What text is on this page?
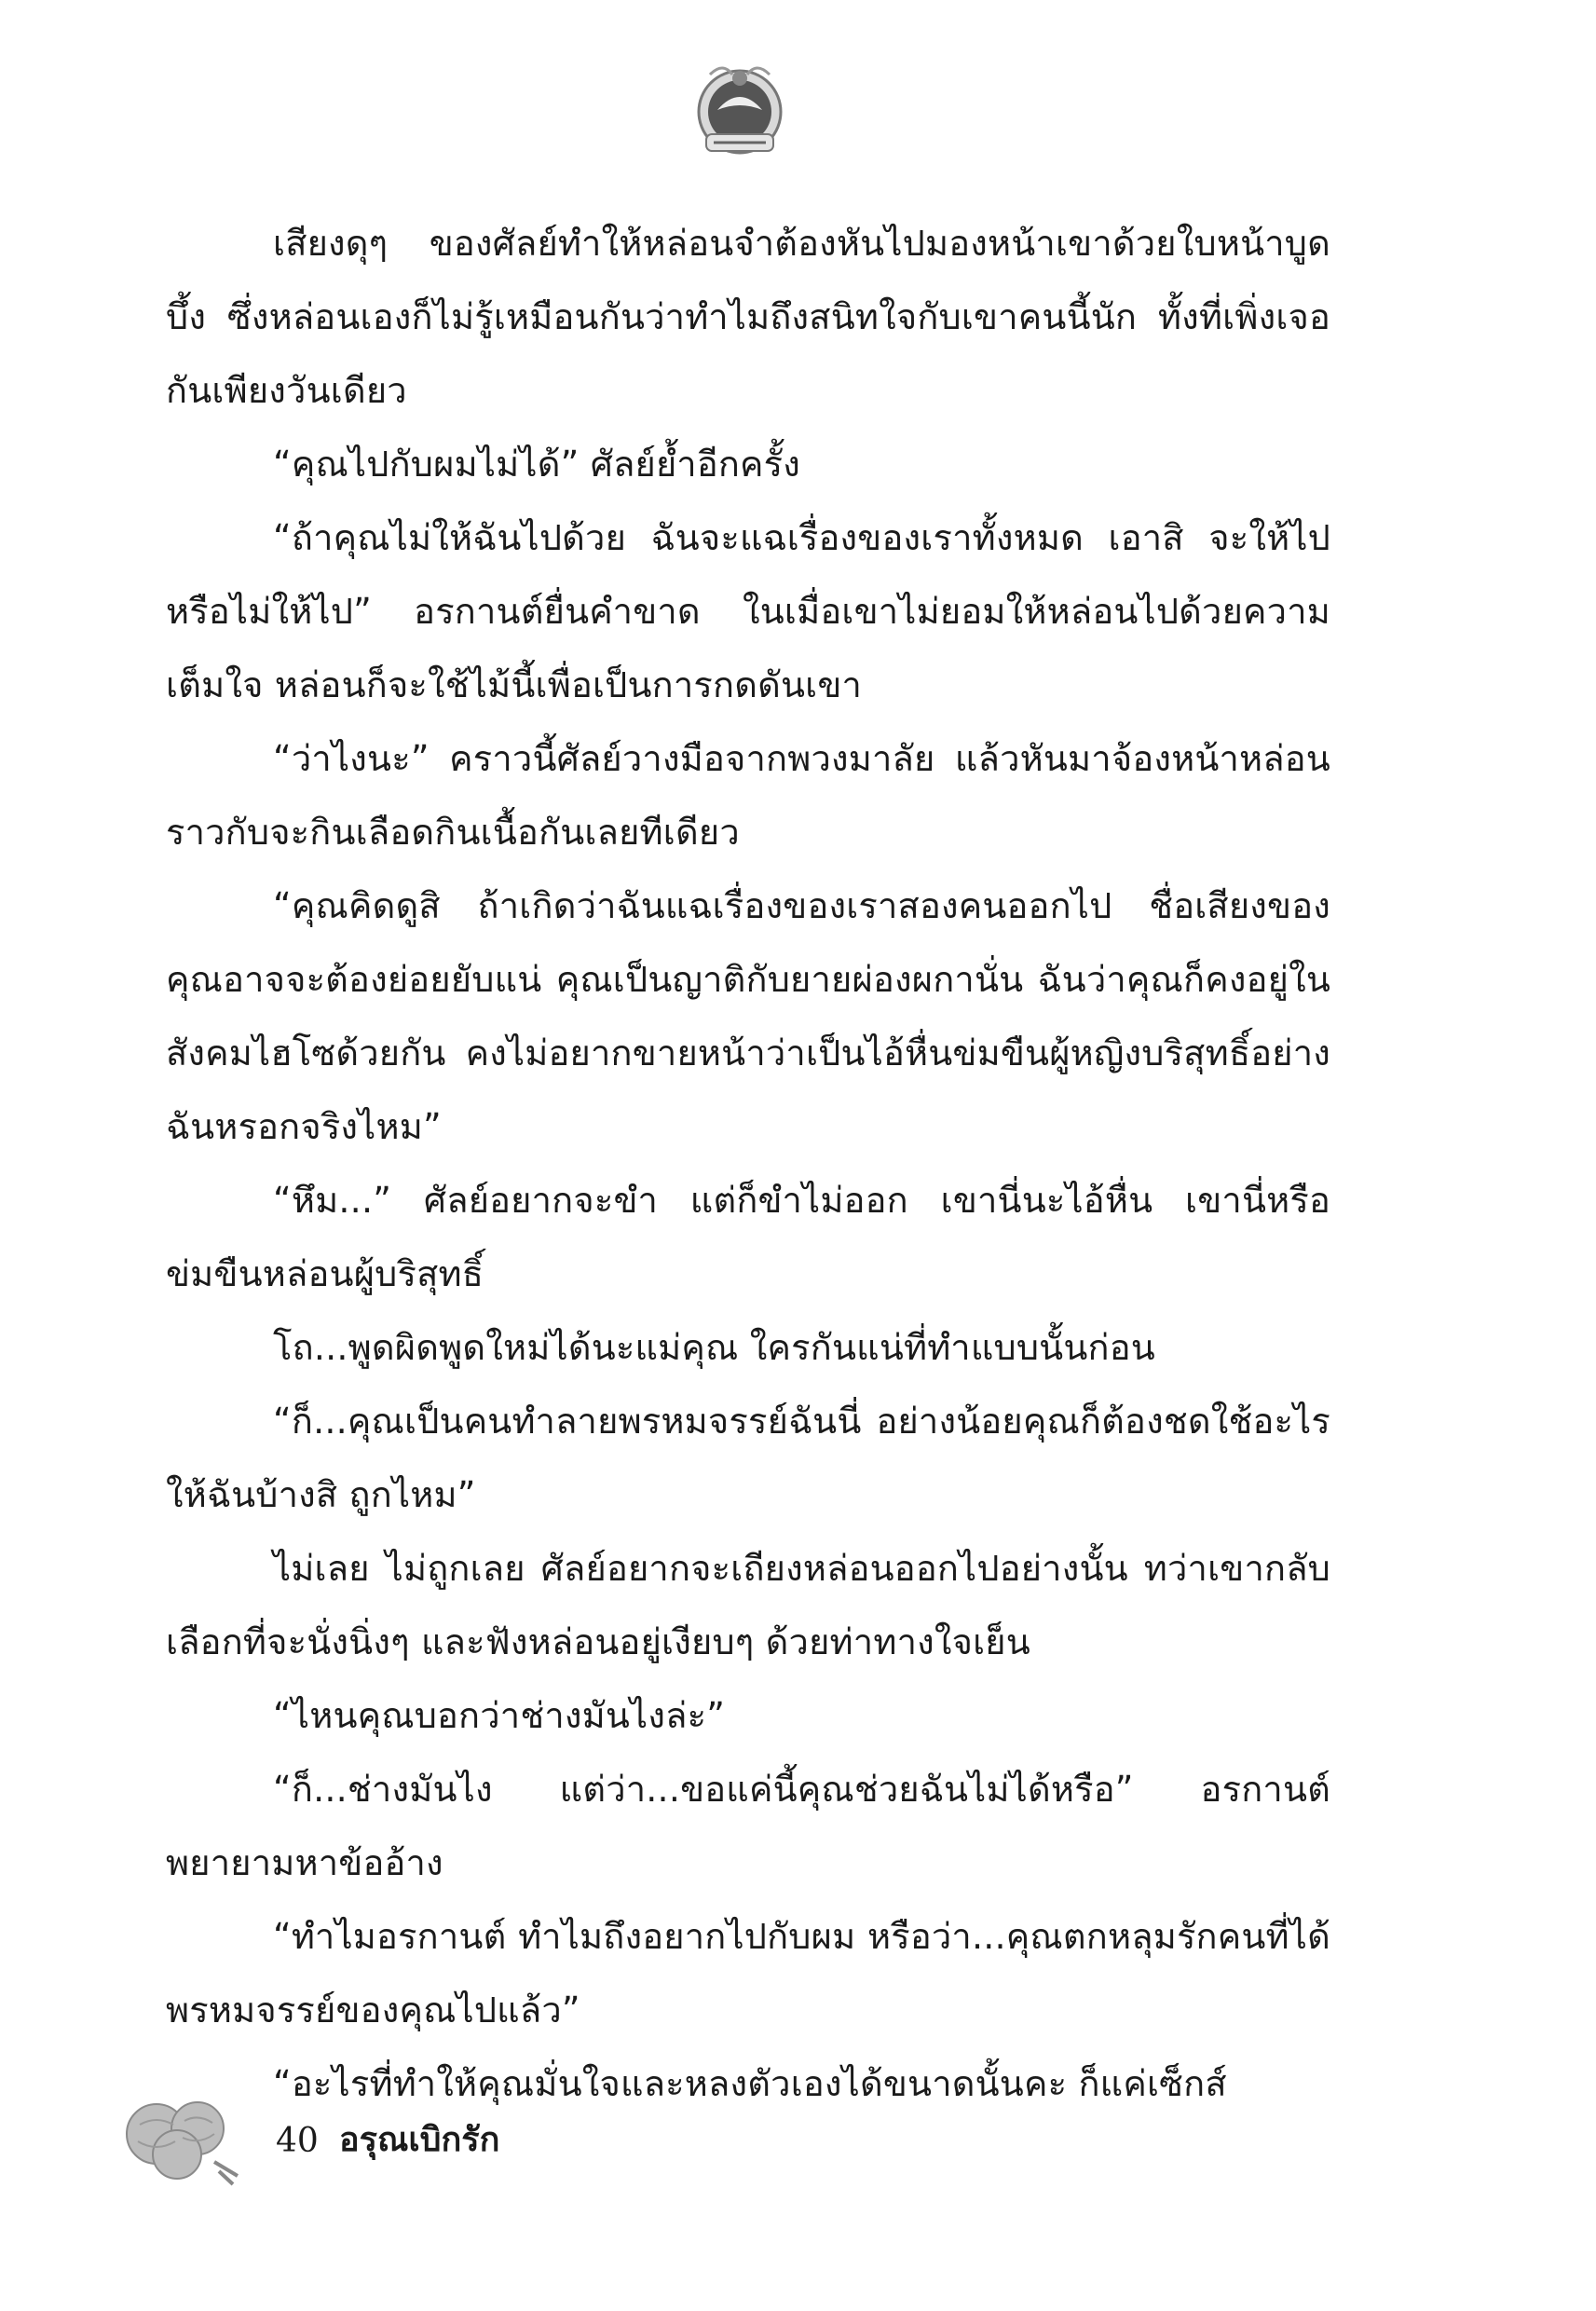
เสียงดุๆ ของศัลย์ทำให้หล่อนจำต้องหันไปมองหน้าเขาด้วยใบหน้าบูดบึ้ง ซึ่งหล่อนเองก็ไม่รู้เหมือนกันว่าทำไมถึงสนิทใจกับเขาคนนี้นัก ทั้งที่เพิ่งเจอกันเพียงวันเดียว

“คุณไปกับผมไม่ได้” ศัลย์ย้ำอีกครั้ง

“ถ้าคุณไม่ให้ฉันไปด้วย ฉันจะแฉเรื่องของเราทั้งหมด เอาสิ จะให้ไปหรือไม่ให้ไป” อรกานต์ยื่นคำขาด ในเมื่อเขาไม่ยอมให้หล่อนไปด้วยความเต็มใจ หล่อนก็จะใช้ไม้นี้เพื่อเป็นการกดดันเขา

“ว่าไงนะ” คราวนี้ศัลย์วางมือจากพวงมาลัย แล้วหันมาจ้องหน้าหล่อนราวกับจะกินเลือดกินเนื้อกันเลยทีเดียว

“คุณคิดดูสิ ถ้าเกิดว่าฉันแฉเรื่องของเราสองคนออกไป ชื่อเสียงของคุณอาจจะต้องย่อยยับแน่ คุณเป็นญาติกับยายผ่องผกานั่น ฉันว่าคุณก็คงอยู่ในสังคมไฮโซด้วยกัน คงไม่อยากขายหน้าว่าเป็นไอ้หื่นข่มขืนผู้หญิงบริสุทธิ์อย่างฉันหรอกจริงไหม”

“หึม...” ศัลย์อยากจะขำ แต่ก็ขำไม่ออก เขานี่นะไอ้หื่น เขานี่หรือข่มขืนหล่อนผู้บริสุทธิ์

โถ...พูดผิดพูดใหม่ได้นะแม่คุณ ใครกันแน่ที่ทำแบบนั้นก่อน

“ก็...คุณเป็นคนทำลายพรหมจรรย์ฉันนี่ อย่างน้อยคุณก็ต้องชดใช้อะไรให้ฉันบ้างสิ ถูกไหม”

ไม่เลย ไม่ถูกเลย ศัลย์อยากจะเถียงหล่อนออกไปอย่างนั้น ทว่าเขากลับเลือกที่จะนั่งนิ่งๆ และฟังหล่อนอยู่เงียบๆ ด้วยท่าทางใจเย็น

“ไหนคุณบอกว่าช่างมันไงล่ะ”

“ก็...ช่างมันไง แต่ว่า...ขอแค่นี้คุณช่วยฉันไม่ได้หรือ” อรกานต์พยายามหาข้ออ้าง

“ทำไมอรกานต์ ทำไมถึงอยากไปกับผม หรือว่า...คุณตกหลุมรักคนที่ได้พรหมจรรย์ของคุณไปแล้ว”

“อะไรที่ทำให้คุณมั่นใจและหลงตัวเองได้ขนาดนั้นคะ ก็แค่เซ็กส์

40 อรุณเบิกรัก
